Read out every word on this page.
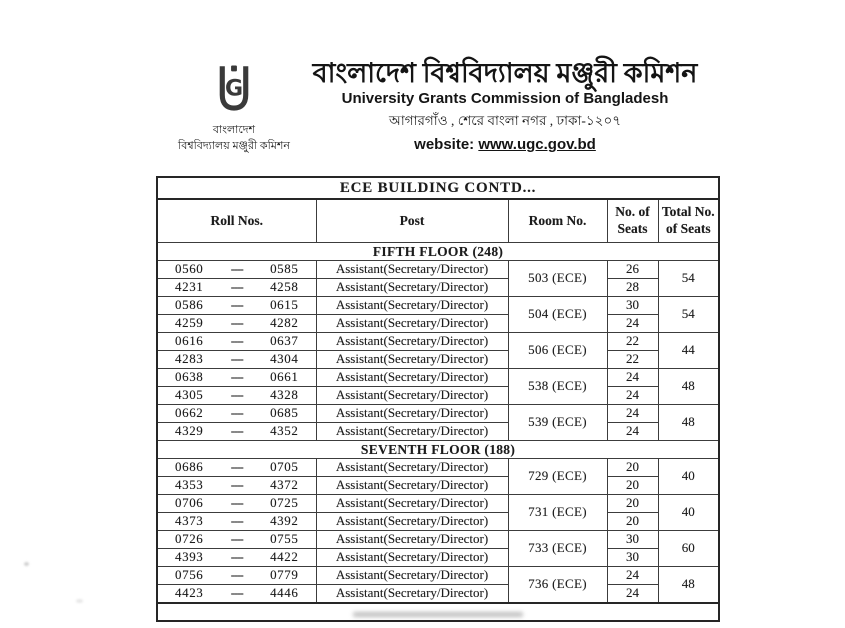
G
বাংলাদেশ
বিশ্ববিদ্যালয় মঞ্জুরী কমিশন
বাংলাদেশ বিশ্ববিদ্যালয় মঞ্জুরী কমিশন
University Grants Commission of Bangladesh
আগারগাঁও , শেরে বাংলা নগর , ঢাকা-১২০৭
website: www.ugc.gov.bd
ECE BUILDING CONTD...				
Roll Nos.	Post	Room No.	No. of Seats	Total No. of Seats
FIFTH FLOOR (248)				

0560 ---- 0585	Assistant(Secretary/Director)	503 (ECE)	26	54

4231 ---- 4258	Assistant(Secretary/Director)		28	

0586 ---- 0615	Assistant(Secretary/Director)	504 (ECE)	30	54

4259 ---- 4282	Assistant(Secretary/Director)		24	

0616 ---- 0637	Assistant(Secretary/Director)	506 (ECE)	22	44

4283 ---- 4304	Assistant(Secretary/Director)		22	

0638 ---- 0661	Assistant(Secretary/Director)	538 (ECE)	24	48

4305 ---- 4328	Assistant(Secretary/Director)		24	

0662 ---- 0685	Assistant(Secretary/Director)	539 (ECE)	24	48

4329 ---- 4352	Assistant(Secretary/Director)		24	
SEVENTH FLOOR (188)				

0686 ---- 0705	Assistant(Secretary/Director)	729 (ECE)	20	40

4353 ---- 4372	Assistant(Secretary/Director)		20	

0706 ---- 0725	Assistant(Secretary/Director)	731 (ECE)	20	40

4373 ---- 4392	Assistant(Secretary/Director)		20	

0726 ---- 0755	Assistant(Secretary/Director)	733 (ECE)	30	60

4393 ---- 4422	Assistant(Secretary/Director)		30	

0756 ---- 0779	Assistant(Secretary/Director)	736 (ECE)	24	48

4423 ---- 4446	Assistant(Secretary/Director)		24	
